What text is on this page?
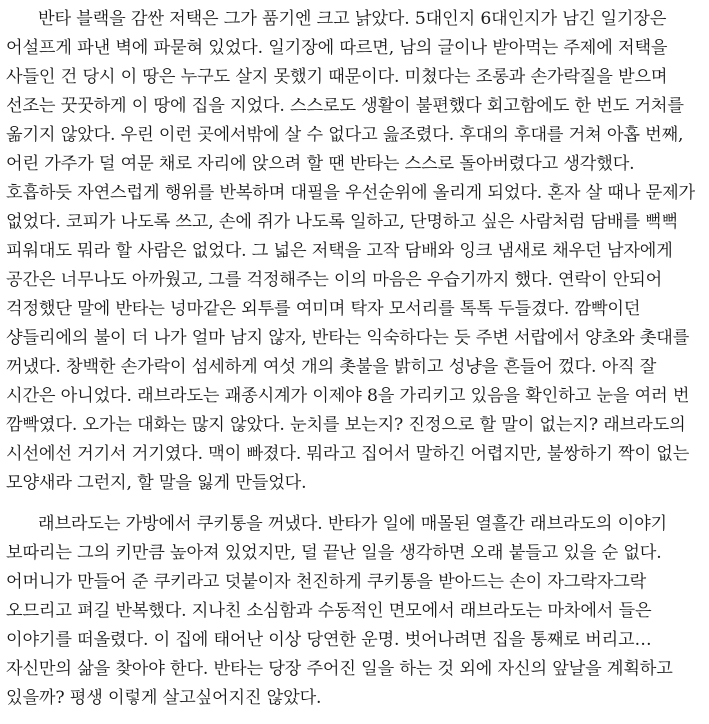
반타 블랙을 감싼 저택은 그가 품기엔 크고 낡았다. 5대인지 6대인지가 남긴 일기장은
어설프게 파낸 벽에 파묻혀 있었다. 일기장에 따르면, 남의 글이나 받아먹는 주제에 저택을
사들인 건 당시 이 땅은 누구도 살지 못했기 때문이다. 미쳤다는 조롱과 손가락질을 받으며
선조는 꿋꿋하게 이 땅에 집을 지었다. 스스로도 생활이 불편했다 회고함에도 한 번도 거처를
옮기지 않았다. 우린 이런 곳에서밖에 살 수 없다고 읊조렸다. 후대의 후대를 거쳐 아홉 번째,
어린 가주가 덜 여문 채로 자리에 앉으려 할 땐 반타는 스스로 돌아버렸다고 생각했다.
호흡하듯 자연스럽게 행위를 반복하며 대필을 우선순위에 올리게 되었다. 혼자 살 때나 문제가
없었다. 코피가 나도록 쓰고, 손에 쥐가 나도록 일하고, 단명하고 싶은 사람처럼 담배를 뻑뻑
피워대도 뭐라 할 사람은 없었다. 그 넓은 저택을 고작 담배와 잉크 냄새로 채우던 남자에게
공간은 너무나도 아까웠고, 그를 걱정해주는 이의 마음은 우습기까지 했다. 연락이 안되어
걱정했단 말에 반타는 넝마같은 외투를 여미며 탁자 모서리를 톡톡 두들겼다. 깜빡이던
샹들리에의 불이 더 나가 얼마 남지 않자, 반타는 익숙하다는 듯 주변 서랍에서 양초와 촛대를
꺼냈다. 창백한 손가락이 섬세하게 여섯 개의 촛불을 밝히고 성냥을 흔들어 껐다. 아직 잘
시간은 아니었다. 래브라도는 괘종시계가 이제야 8을 가리키고 있음을 확인하고 눈을 여러 번
깜빡였다. 오가는 대화는 많지 않았다. 눈치를 보는지? 진정으로 할 말이 없는지? 래브라도의
시선에선 거기서 거기였다. 맥이 빠졌다. 뭐라고 집어서 말하긴 어렵지만, 불쌍하기 짝이 없는
모양새라 그런지, 할 말을 잃게 만들었다.
래브라도는 가방에서 쿠키통을 꺼냈다. 반타가 일에 매몰된 열흘간 래브라도의 이야기
보따리는 그의 키만큼 높아져 있었지만, 덜 끝난 일을 생각하면 오래 붙들고 있을 순 없다.
어머니가 만들어 준 쿠키라고 덧붙이자 천진하게 쿠키통을 받아드는 손이 자그락자그락
오므리고 펴길 반복했다. 지나친 소심함과 수동적인 면모에서 래브라도는 마차에서 들은
이야기를 떠올렸다. 이 집에 태어난 이상 당연한 운명. 벗어나려면 집을 통째로 버리고…
자신만의 삶을 찾아야 한다. 반타는 당장 주어진 일을 하는 것 외에 자신의 앞날을 계획하고
있을까? 평생 이렇게 살고싶어지진 않았다.
